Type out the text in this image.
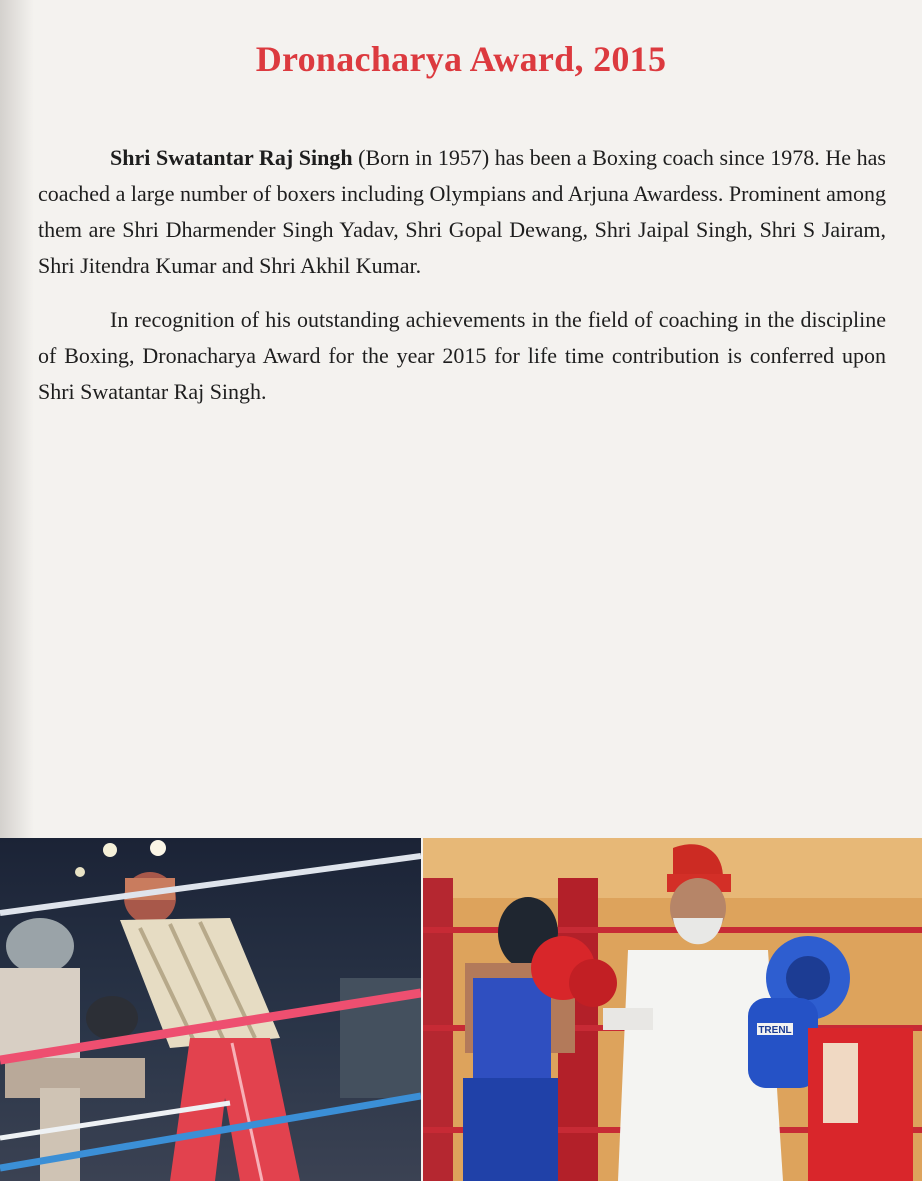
Dronacharya Award, 2015

Shri Swatantar Raj Singh (Born in 1957) has been a Boxing coach since 1978. He has coached a large number of boxers including Olympians and Arjuna Awardess. Prominent among them are Shri Dharmender Singh Yadav, Shri Gopal Dewang, Shri Jaipal Singh, Shri S Jairam, Shri Jitendra Kumar and Shri Akhil Kumar.

In recognition of his outstanding achievements in the field of coaching in the discipline of Boxing, Dronacharya Award for the year 2015 for life time contribution is conferred upon Shri Swatantar Raj Singh.

TRENL
